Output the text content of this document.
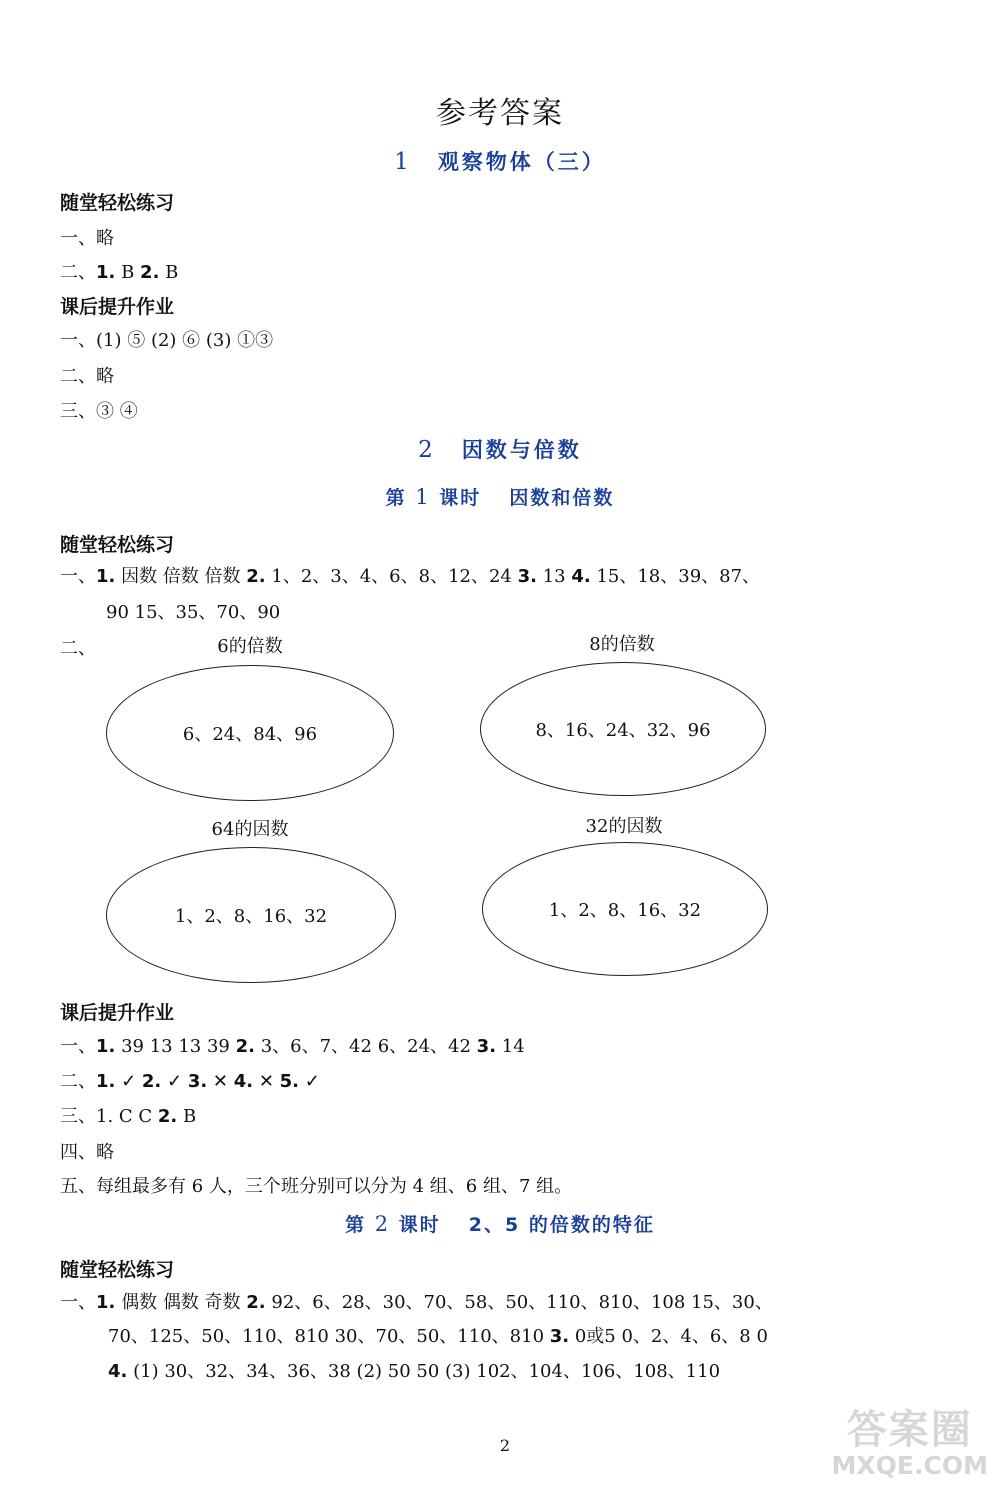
参考答案
1 观察物体（三）
随堂轻松练习
一、略
二、1. B 2. B
课后提升作业
一、(1) ⑤ (2) ⑥ (3) ①③
二、略
三、③ ④
2 因数与倍数
第 1 课时 因数和倍数
随堂轻松练习
一、1. 因数 倍数 倍数 2. 1、2、3、4、6、8、12、24 3. 13 4. 15、18、39、87、
90 15、35、70、90
二、	6的倍数
6、24、84、96
8的倍数
8、16、24、32、96
64的因数
1、2、8、16、32
32的因数
1、2、8、16、32
课后提升作业
一、1. 39 13 13 39 2. 3、6、7、42 6、24、42 3. 14
二、1. ✓ 2. ✓ 3. ✕ 4. ✕ 5. ✓
三、1. C C 2. B
四、略
五、每组最多有 6 人，三个班分别可以分为 4 组、6 组、7 组。
第 2 课时 2、5 的倍数的特征
随堂轻松练习
一、1. 偶数 偶数 奇数 2. 92、6、28、30、70、58、50、110、810、108 15、30、
70、125、50、110、810 30、70、50、110、810 3. 0或5 0、2、4、6、8 0
4. (1) 30、32、34、36、38 (2) 50 50 (3) 102、104、106、108、110
2	答案圈
MXQE.COM
